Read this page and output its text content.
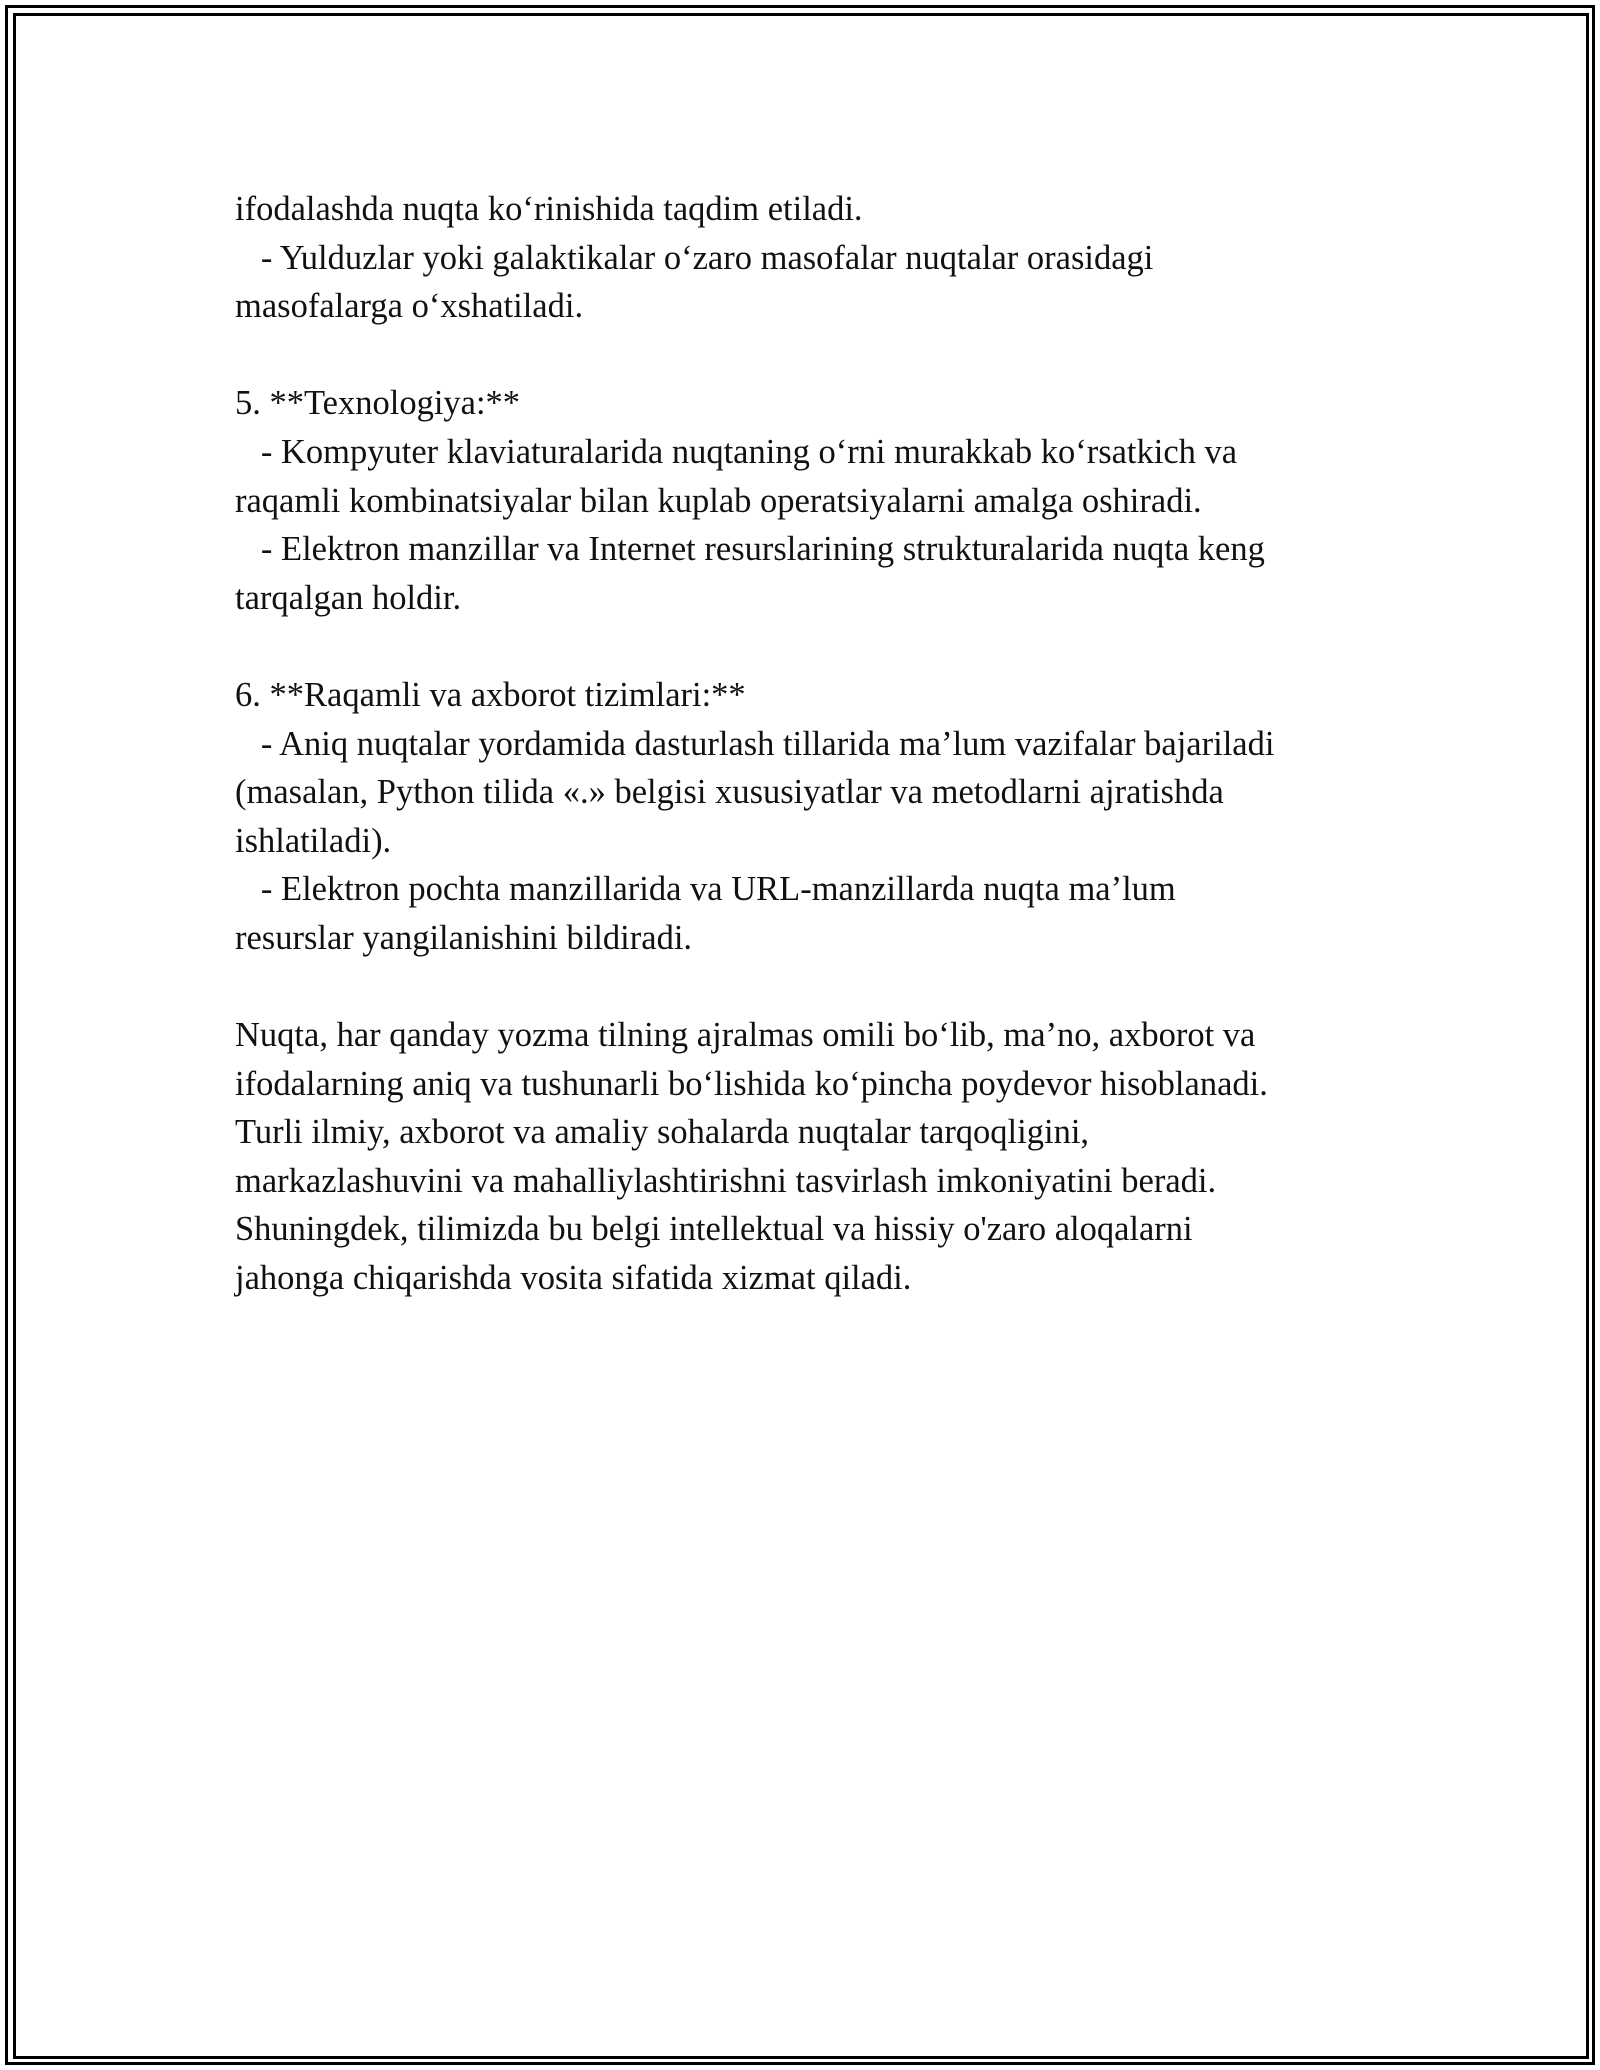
ifodalashda nuqta ko‘rinishida taqdim etiladi.
- Yulduzlar yoki galaktikalar o‘zaro masofalar nuqtalar orasidagi
masofalarga o‘xshatiladi.
5. **Texnologiya:**
- Kompyuter klaviaturalarida nuqtaning o‘rni murakkab ko‘rsatkich va
raqamli kombinatsiyalar bilan kuplab operatsiyalarni amalga oshiradi.
- Elektron manzillar va Internet resurslarining strukturalarida nuqta keng
tarqalgan holdir.
6. **Raqamli va axborot tizimlari:**
- Aniq nuqtalar yordamida dasturlash tillarida ma’lum vazifalar bajariladi
(masalan, Python tilida «.» belgisi xususiyatlar va metodlarni ajratishda
ishlatiladi).
- Elektron pochta manzillarida va URL-manzillarda nuqta ma’lum
resurslar yangilanishini bildiradi.
Nuqta, har qanday yozma tilning ajralmas omili bo‘lib, ma’no, axborot va
ifodalarning aniq va tushunarli bo‘lishida ko‘pincha poydevor hisoblanadi.
Turli ilmiy, axborot va amaliy sohalarda nuqtalar tarqoqligini,
markazlashuvini va mahalliylashtirishni tasvirlash imkoniyatini beradi.
Shuningdek, tilimizda bu belgi intellektual va hissiy o'zaro aloqalarni
jahonga chiqarishda vosita sifatida xizmat qiladi.
